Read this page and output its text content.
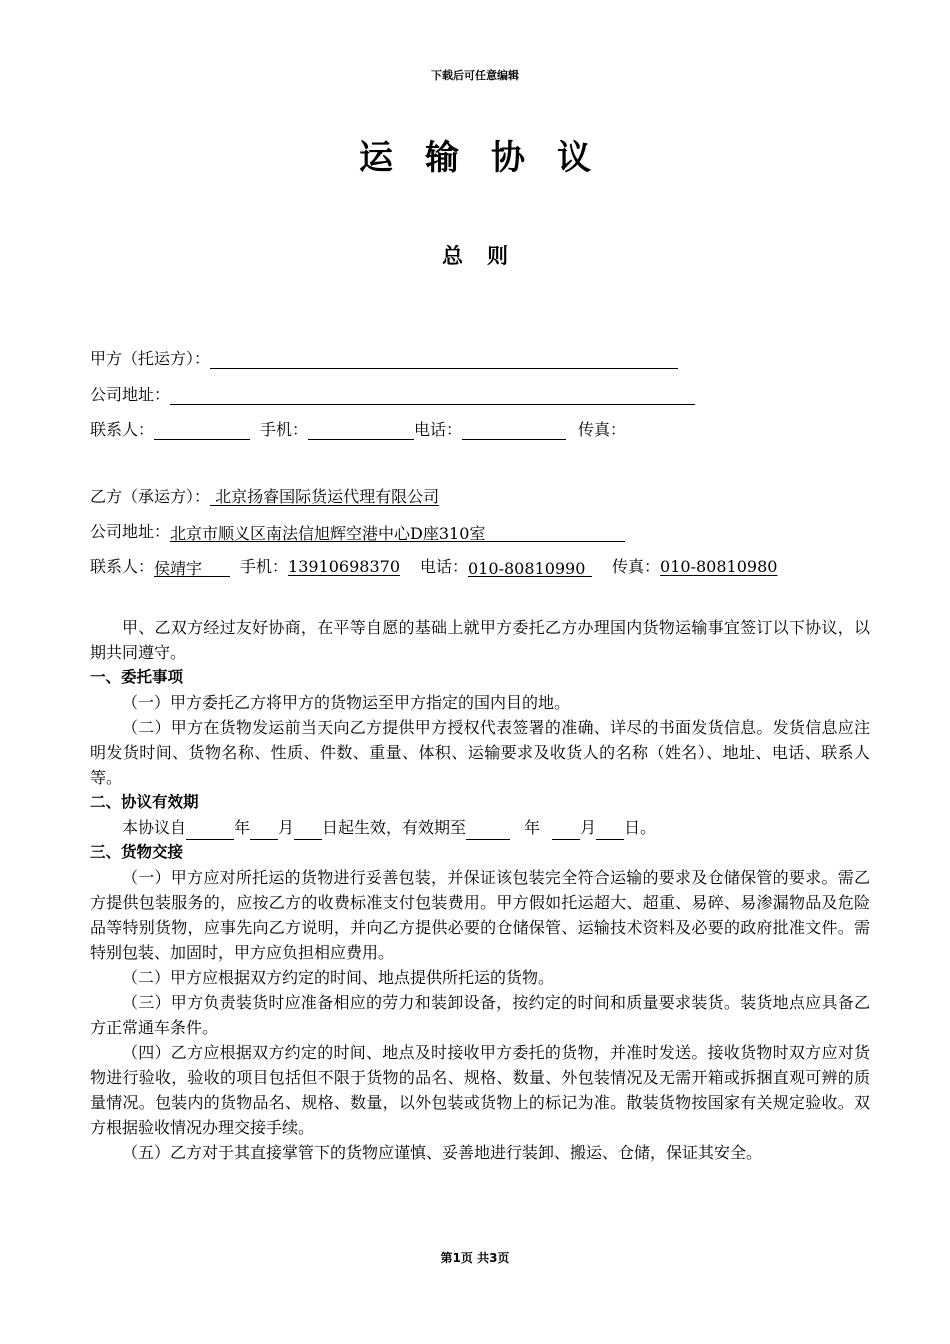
下载后可任意编辑
运输协议
总则
甲方（托运方）：
公司地址：
联系人：	手机：	电话：	传真：
乙方（承运方）： 北京扬睿国际货运代理有限公司
公司地址：北京市顺义区南法信旭辉空港中心D座310室
联系人：侯靖宇 手机：13910698370 电话：010-80810990 传真：010-80810980

甲、乙双方经过友好协商，在平等自愿的基础上就甲方委托乙方办理国内货物运输事宜签订以下协议，以期共同遵守。

一、委托事项

（一）甲方委托乙方将甲方的货物运至甲方指定的国内目的地。

（二）甲方在货物发运前当天向乙方提供甲方授权代表签署的准确、详尽的书面发货信息。发货信息应注明发货时间、货物名称、性质、件数、重量、体积、运输要求及收货人的名称（姓名）、地址、电话、联系人等。

二、协议有效期

本协议自	年 月 日起生效，有效期至	年	月 日。

三、货物交接

（一）甲方应对所托运的货物进行妥善包装，并保证该包装完全符合运输的要求及仓储保管的要求。需乙方提供包装服务的，应按乙方的收费标准支付包装费用。甲方假如托运超大、超重、易碎、易渗漏物品及危险品等特别货物，应事先向乙方说明，并向乙方提供必要的仓储保管、运输技术资料及必要的政府批准文件。需特别包装、加固时，甲方应负担相应费用。

（二）甲方应根据双方约定的时间、地点提供所托运的货物。

（三）甲方负责装货时应准备相应的劳力和装卸设备，按约定的时间和质量要求装货。装货地点应具备乙方正常通车条件。

（四）乙方应根据双方约定的时间、地点及时接收甲方委托的货物，并准时发送。接收货物时双方应对货物进行验收，验收的项目包括但不限于货物的品名、规格、数量、外包装情况及无需开箱或拆捆直观可辨的质量情况。包装内的货物品名、规格、数量，以外包装或货物上的标记为准。散装货物按国家有关规定验收。双方根据验收情况办理交接手续。

（五）乙方对于其直接掌管下的货物应谨慎、妥善地进行装卸、搬运、仓储，保证其安全。

第1页 共3页
